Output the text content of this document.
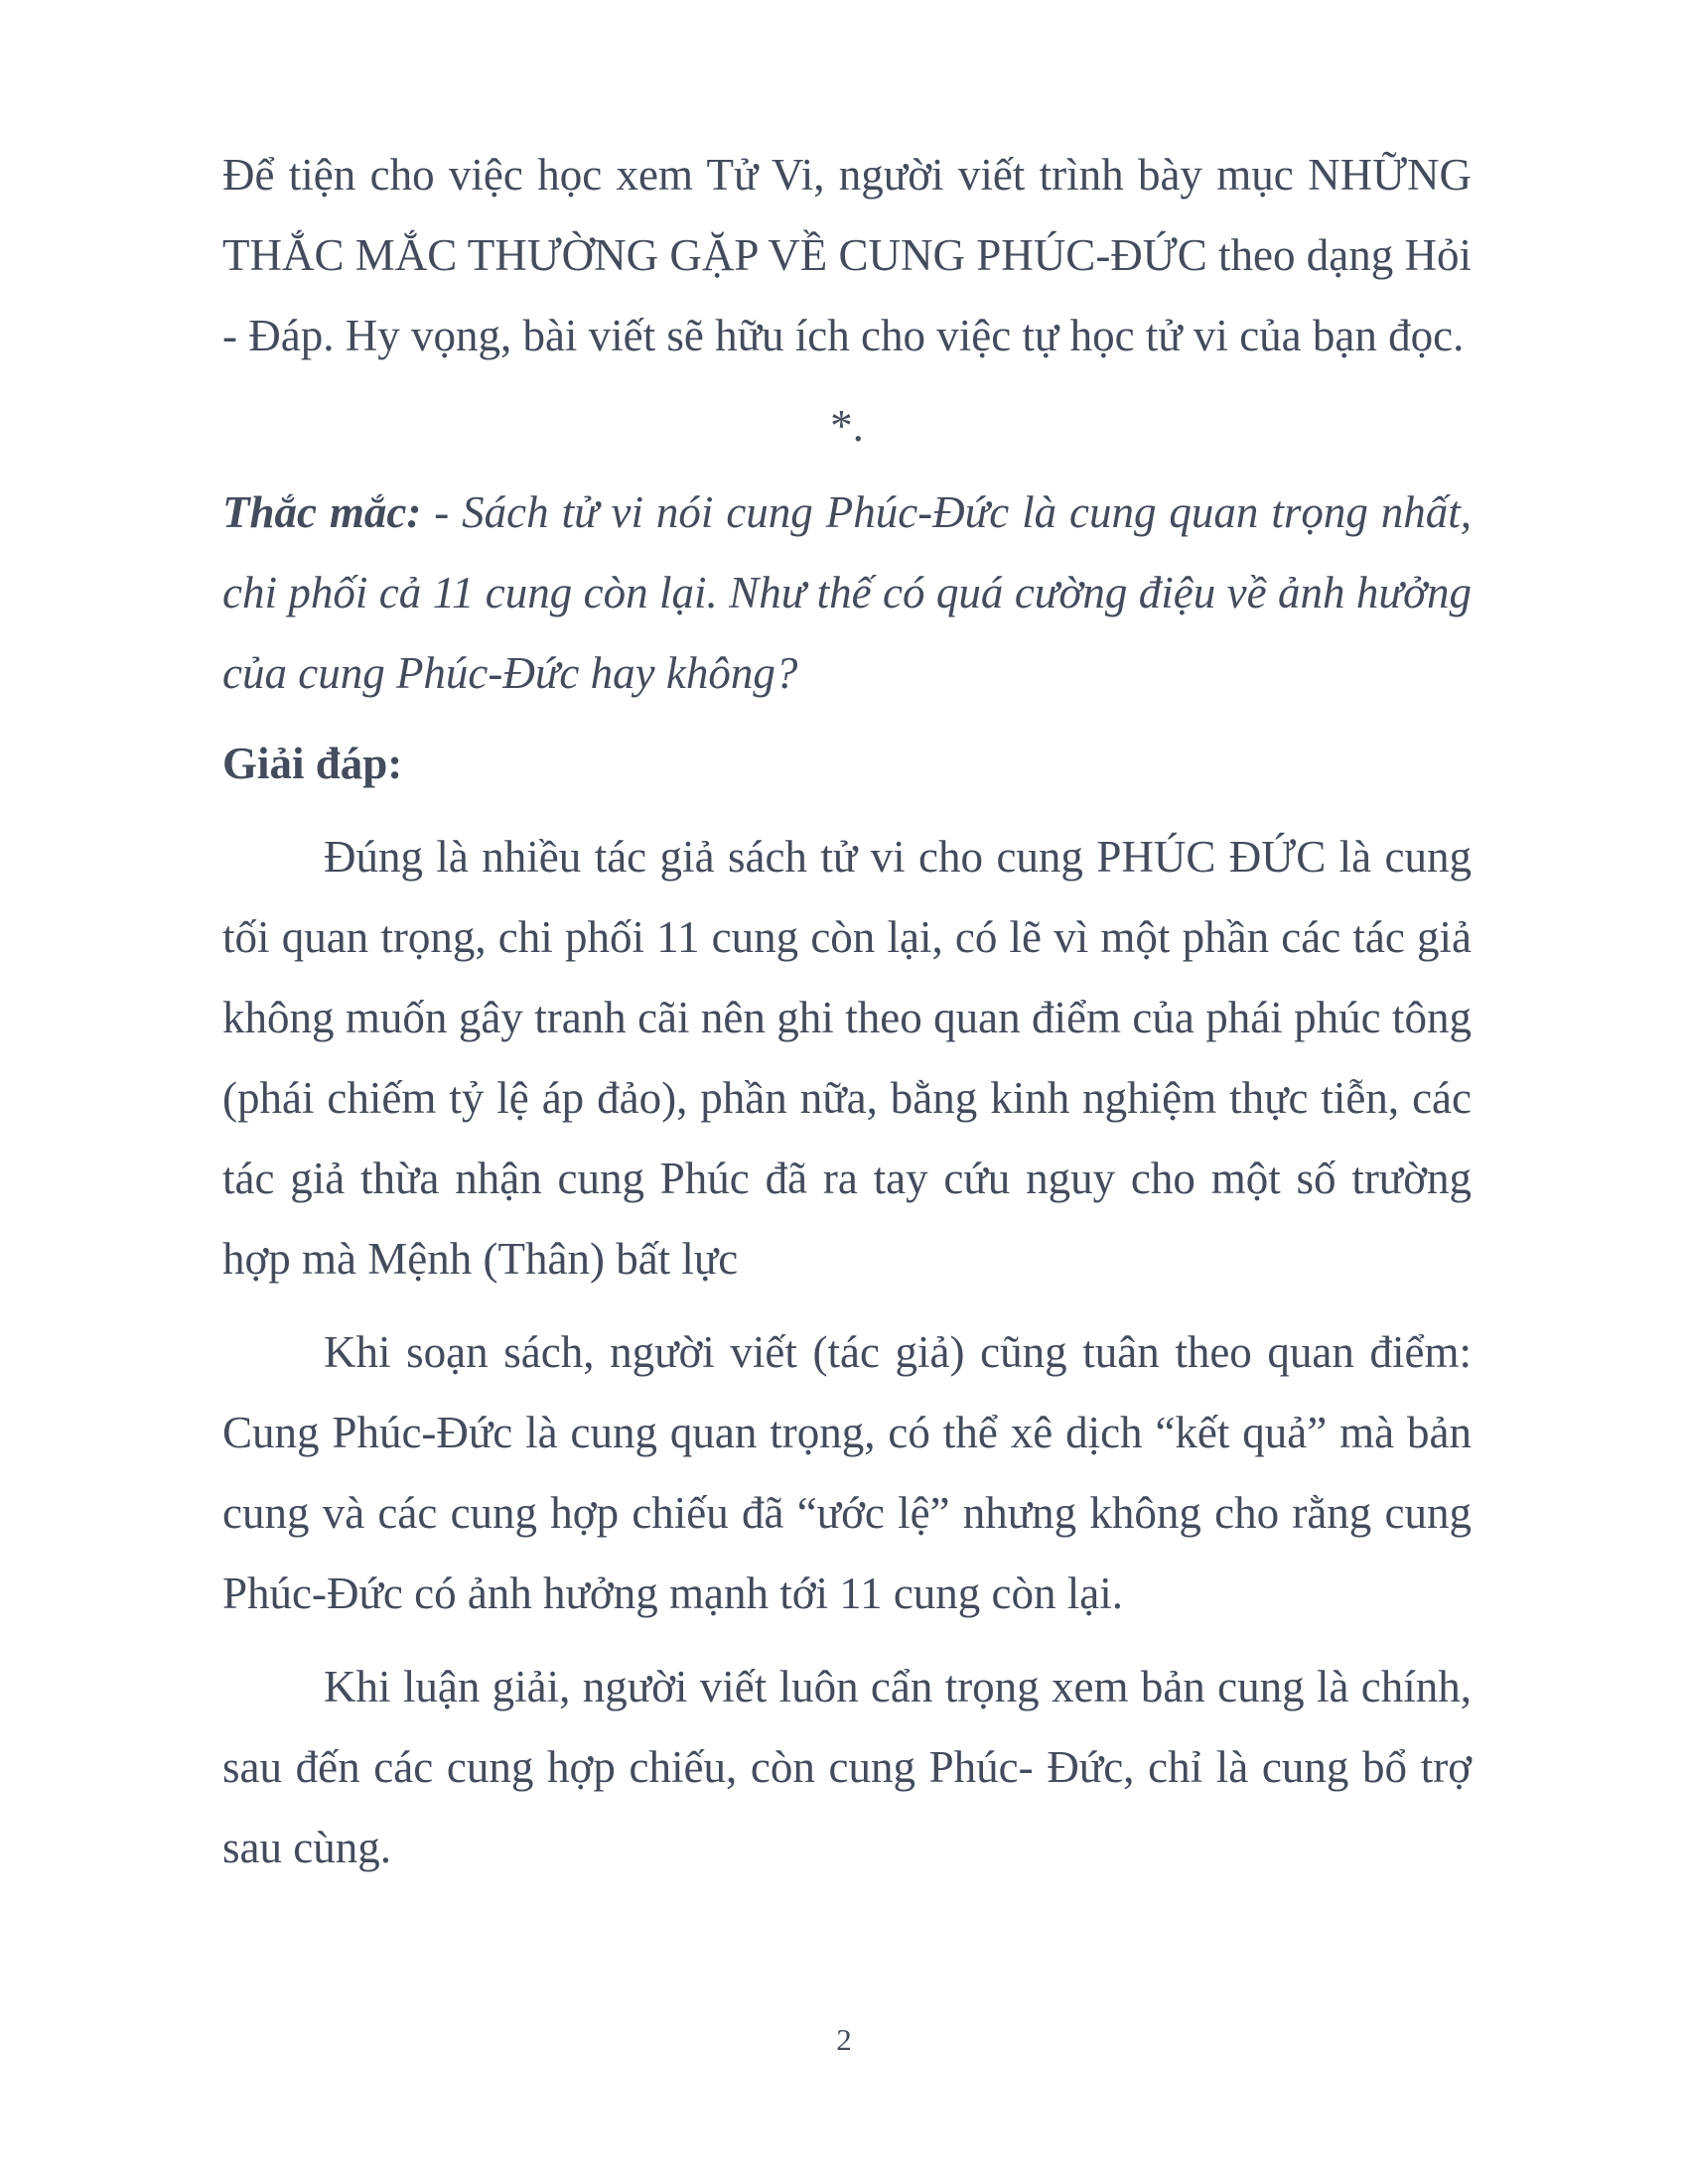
Để tiện cho việc học xem Tử Vi, người viết trình bày mục NHỮNG THẮC MẮC THƯỜNG GẶP VỀ CUNG PHÚC-ĐỨC theo dạng Hỏi - Đáp. Hy vọng, bài viết sẽ hữu ích cho việc tự học tử vi của bạn đọc.

*.

Thắc mắc: - Sách tử vi nói cung Phúc-Đức là cung quan trọng nhất, chi phối cả 11 cung còn lại. Như thế có quá cường điệu về ảnh hưởng của cung Phúc-Đức hay không?

Giải đáp:

Đúng là nhiều tác giả sách tử vi cho cung PHÚC ĐỨC là cung tối quan trọng, chi phối 11 cung còn lại, có lẽ vì một phần các tác giả không muốn gây tranh cãi nên ghi theo quan điểm của phái phúc tông (phái chiếm tỷ lệ áp đảo), phần nữa, bằng kinh nghiệm thực tiễn, các tác giả thừa nhận cung Phúc đã ra tay cứu nguy cho một số trường hợp mà Mệnh (Thân) bất lực

Khi soạn sách, người viết (tác giả) cũng tuân theo quan điểm: Cung Phúc-Đức là cung quan trọng, có thể xê dịch “kết quả” mà bản cung và các cung hợp chiếu đã “ước lệ” nhưng không cho rằng cung Phúc-Đức có ảnh hưởng mạnh tới 11 cung còn lại.

Khi luận giải, người viết luôn cẩn trọng xem bản cung là chính, sau đến các cung hợp chiếu, còn cung Phúc- Đức, chỉ là cung bổ trợ sau cùng.

2
